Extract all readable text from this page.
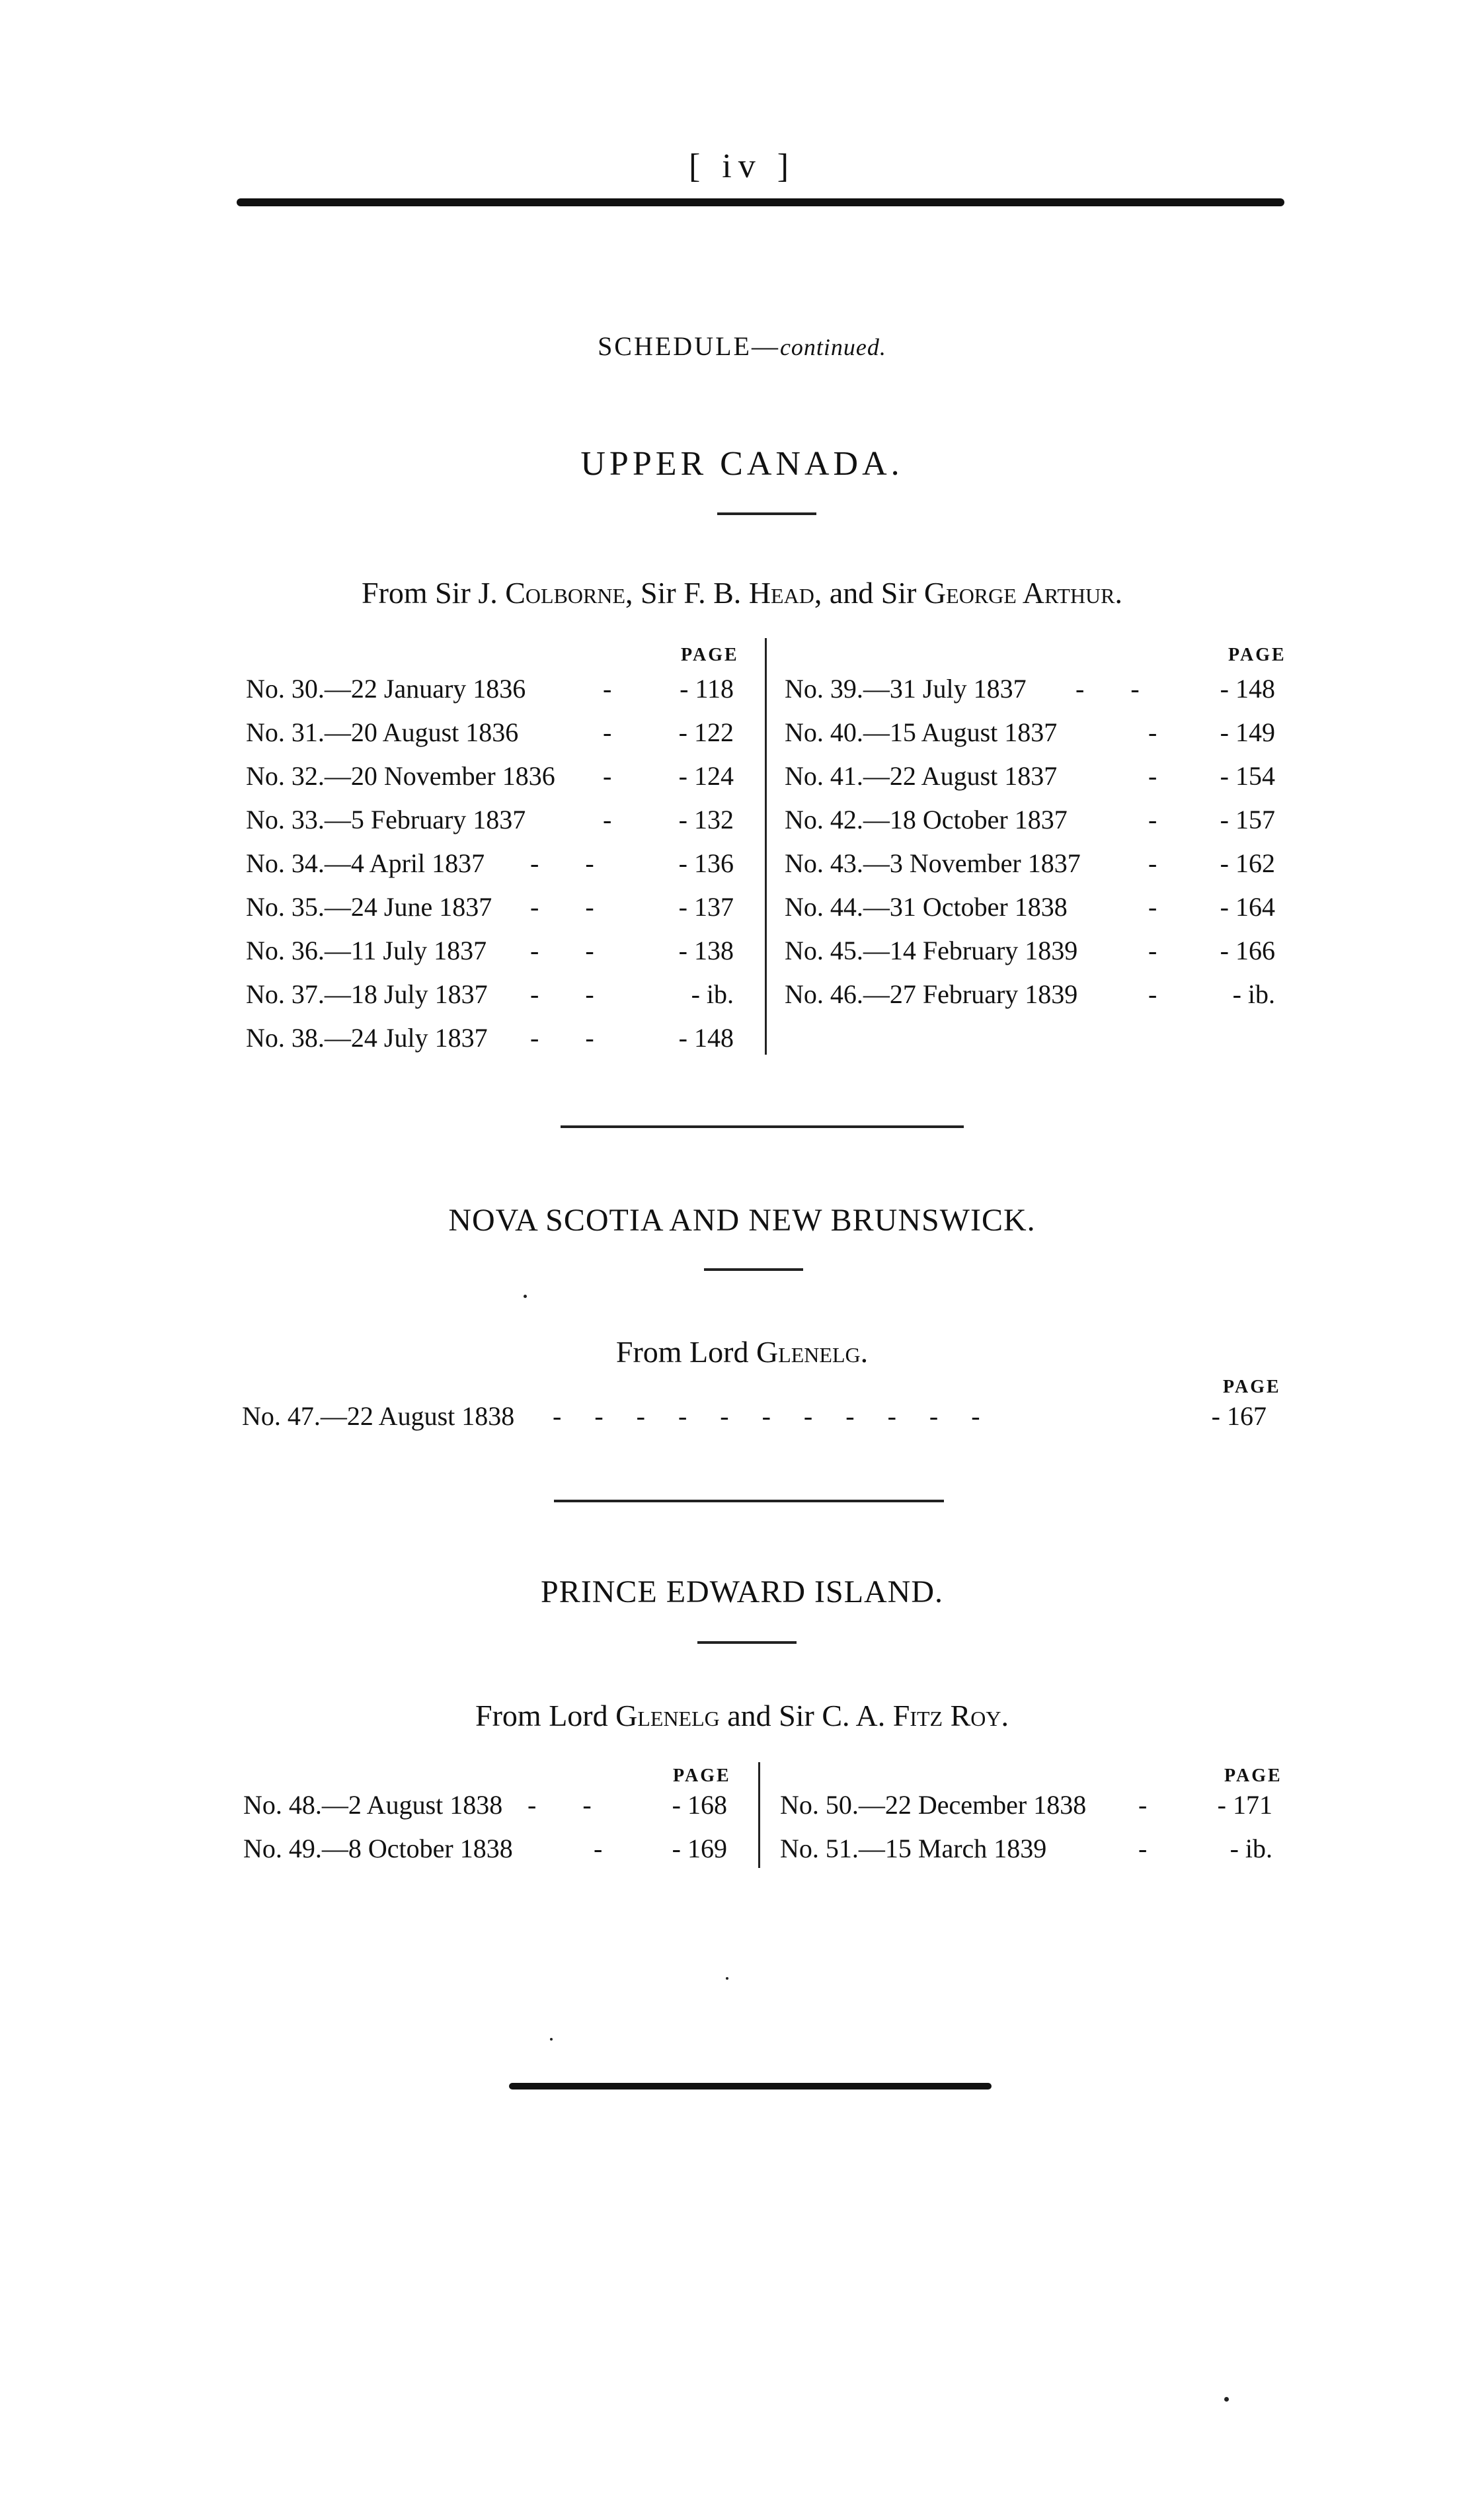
[ iv ]
SCHEDULE—continued.
UPPER CANADA.
From Sir J. Colborne, Sir F. B. Head, and Sir George Arthur.
PAGE	PAGE
No. 30.—22 January 1836	-	- 118
No. 31.—20 August 1836	-	- 122
No. 32.—20 November 1836 -	- 124
No. 33.—5 February 1837	-	- 132
No. 34.—4 April 1837 -       -	- 136
No. 35.—24 June 1837 -       -	- 137
No. 36.—11 July 1837 -       -	- 138
No. 37.—18 July 1837 -       -	- ib.
No. 38.—24 July 1837 -       -	- 148
No. 39.—31 July 1837 -       -	- 148
No. 40.—15 August 1837	-	- 149
No. 41.—22 August 1837	-	- 154
No. 42.—18 October 1837	-	- 157
No. 43.—3 November 1837	-	- 162
No. 44.—31 October 1838	-	- 164
No. 45.—14 February 1839	-	- 166
No. 46.—27 February 1839	-	- ib.
NOVA SCOTIA AND NEW BRUNSWICK.
From Lord Glenelg.
PAGE
No. 47.—22 August 1838 -     -     -     -     -     -     -     -     -     -     -	- 167
PRINCE EDWARD ISLAND.
From Lord Glenelg and Sir C. A. Fitz Roy.
PAGE	PAGE
No. 48.—2 August 1838 -       -	- 168
No. 49.—8 October 1838	-	- 169
No. 50.—22 December 1838 -	- 171
No. 51.—15 March 1839	-	- ib.
